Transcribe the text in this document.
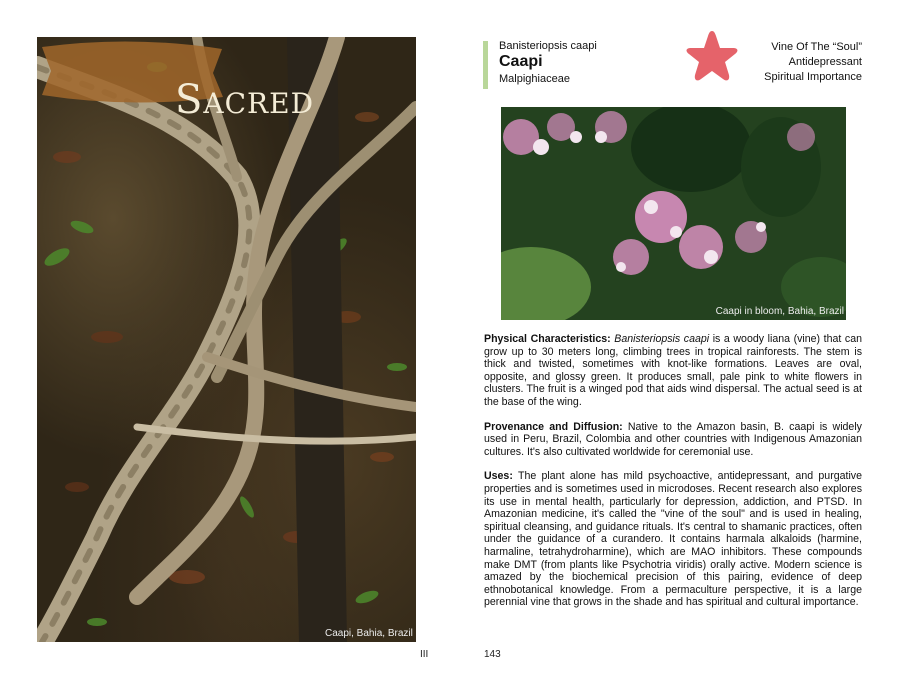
Sacred
Caapi, Bahia, Brazil
III
Banisteriopsis caapi
Caapi
Malpighiaceae
Vine Of The “Soul”
Antidepressant
Spiritual Importance
Caapi in bloom, Bahia, Brazil

Physical Characteristics: Banisteriopsis caapi is a woody liana (vine) that can grow up to 30 meters long, climbing trees in tropical rainforests. The stem is thick and twisted, sometimes with knot-like formations. Leaves are oval, opposite, and glossy green. It produces small, pale pink to white flowers in clusters. The fruit is a winged pod that aids wind dispersal. The actual seed is at the base of the wing.

Provenance and Diffusion: Native to the Amazon basin, B. caapi is widely used in Peru, Brazil, Colombia and other countries with Indigenous Amazonian cultures. It's also cultivated worldwide for ceremonial use.

Uses: The plant alone has mild psychoactive, antidepressant, and purgative properties and is sometimes used in microdoses. Recent research also explores its use in mental health, particularly for depression, addiction, and PTSD. In Amazonian medicine, it's called the "vine of the soul" and is used in healing, spiritual cleansing, and guidance rituals. It's central to shamanic practices, often under the guidance of a curandero. It contains harmala alkaloids (harmine, harmaline, tetrahydroharmine), which are MAO inhibitors. These compounds make DMT (from plants like Psychotria viridis) orally active. Modern science is amazed by the biochemical precision of this pairing, evidence of deep ethnobotanical knowledge. From a permaculture perspective, it is a large perennial vine that grows in the shade and has spiritual and cultural importance.

143
